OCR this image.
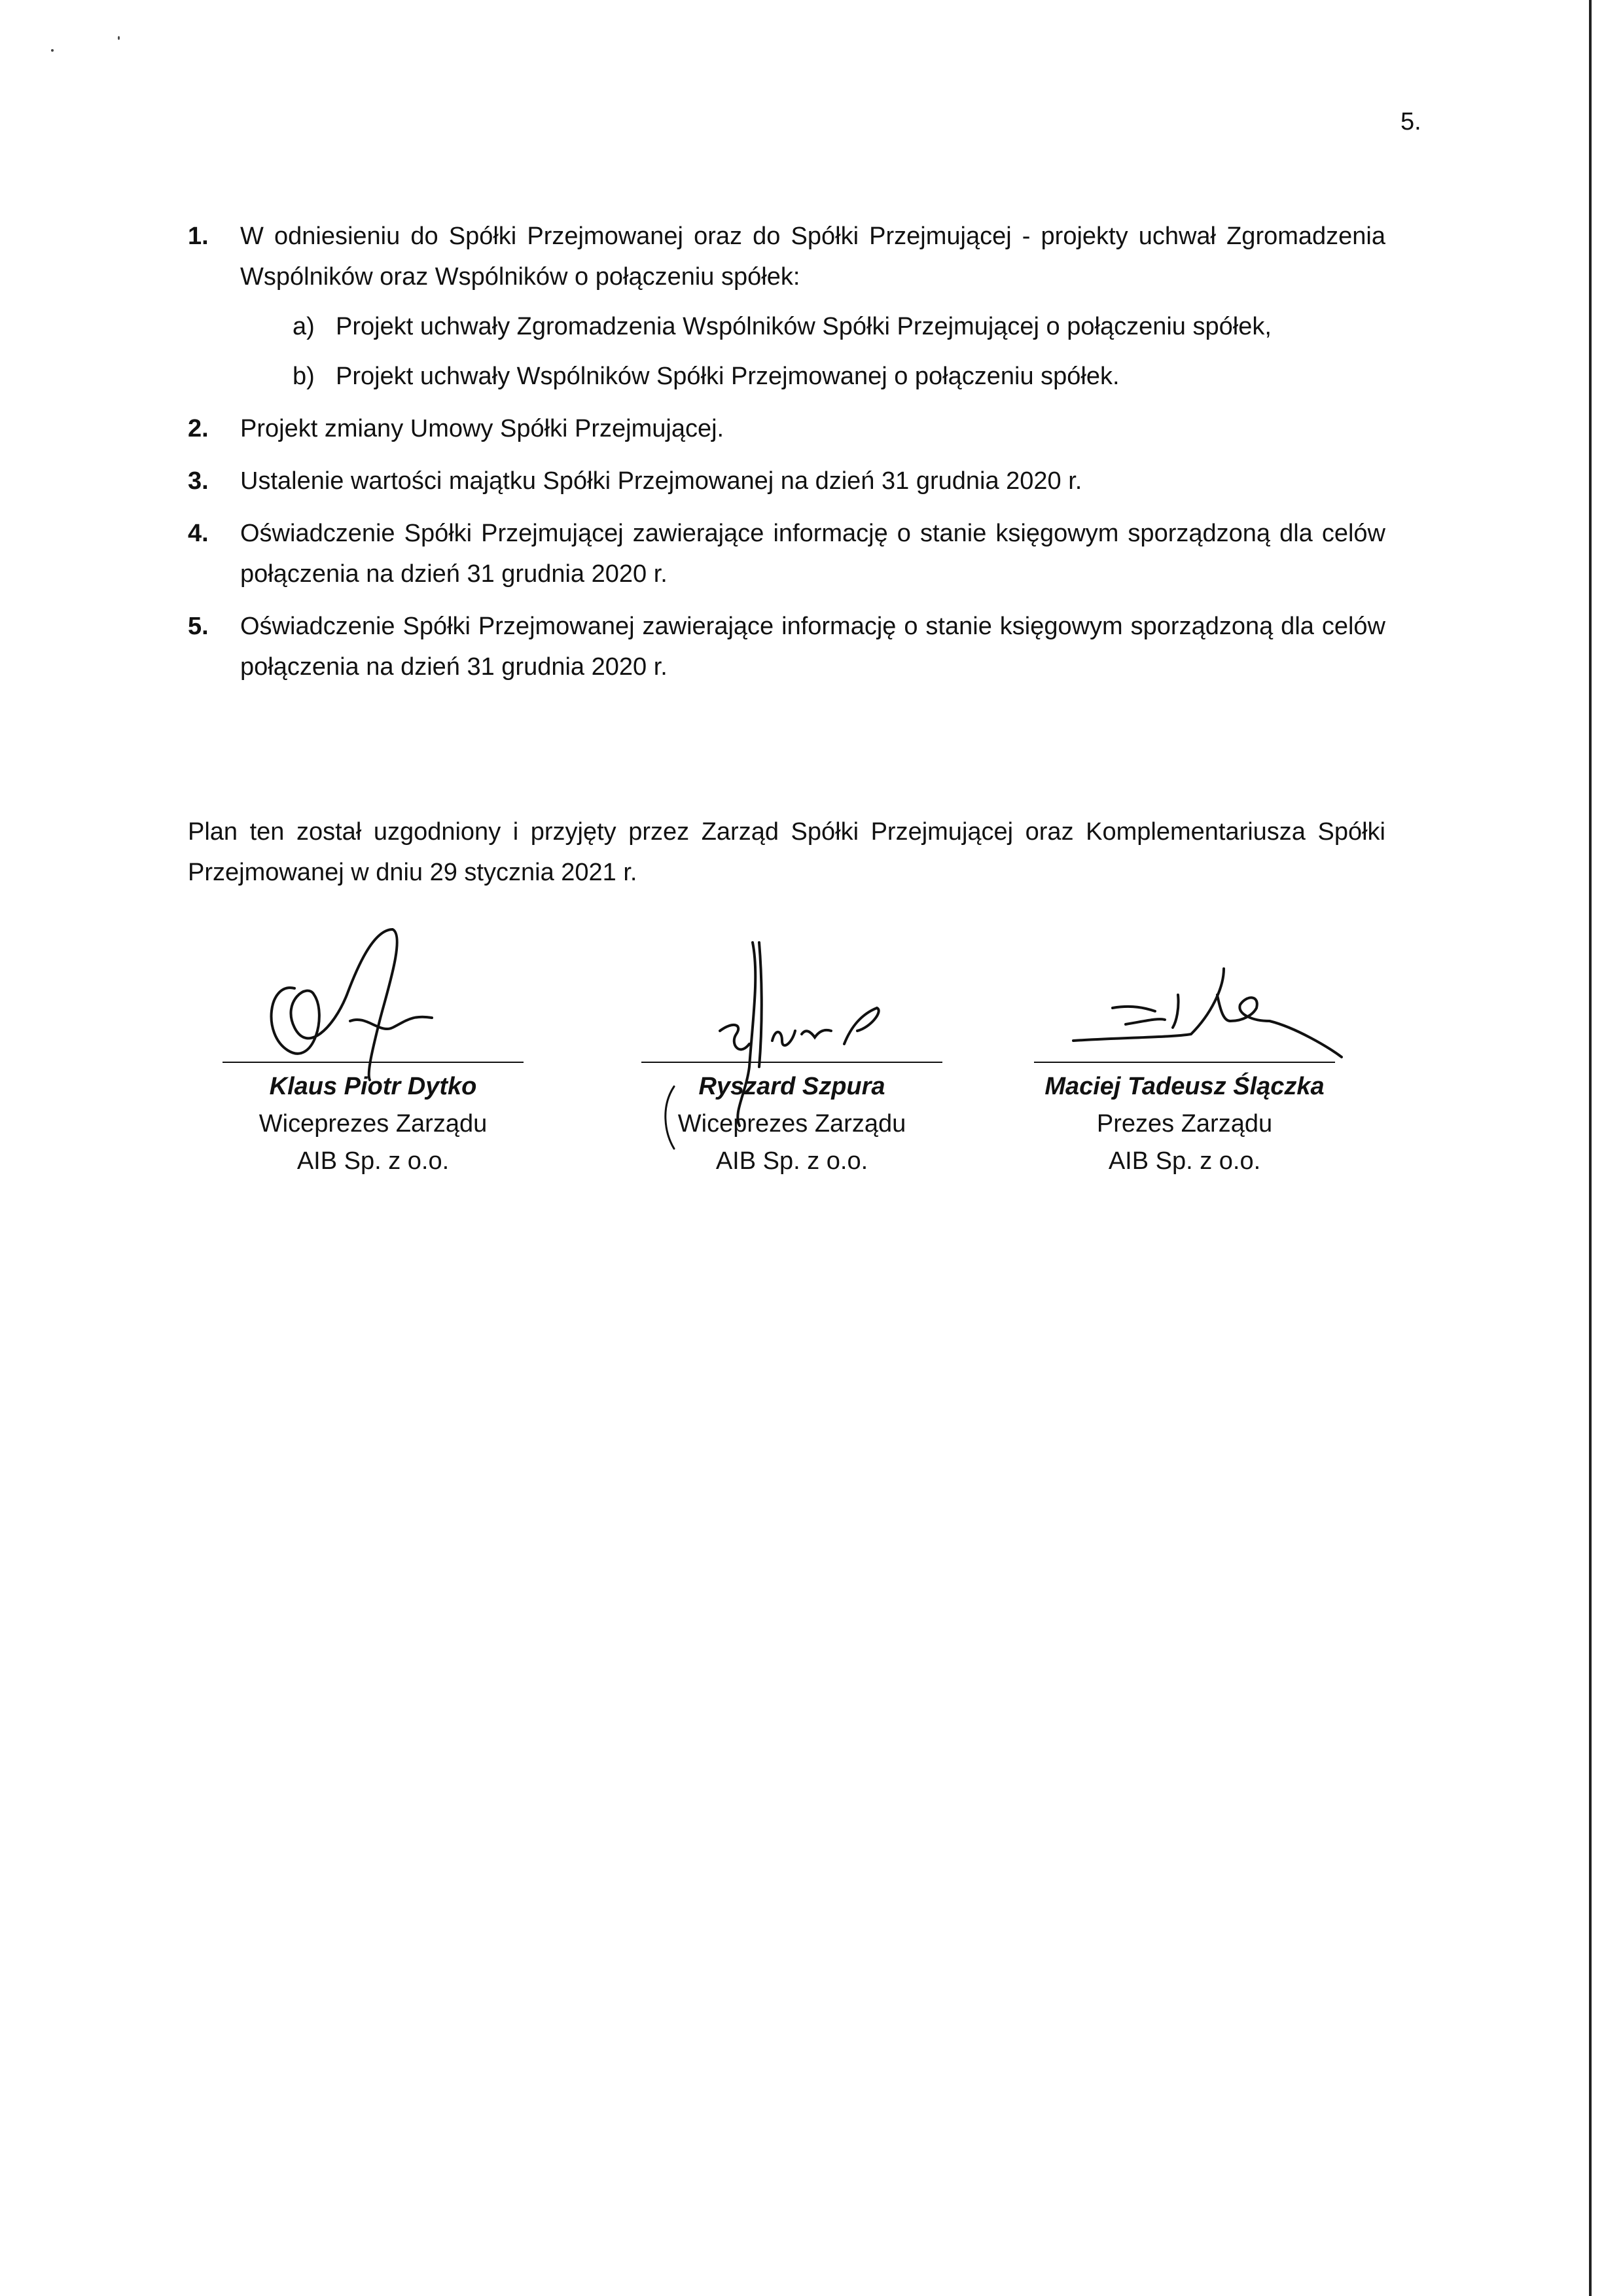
5.
1. W odniesieniu do Spółki Przejmowanej oraz do Spółki Przejmującej - projekty uchwał Zgromadzenia Wspólników oraz Wspólników o połączeniu spółek:
a) Projekt uchwały Zgromadzenia Wspólników Spółki Przejmującej o połączeniu spółek,
b) Projekt uchwały Wspólników Spółki Przejmowanej o połączeniu spółek.
2. Projekt zmiany Umowy Spółki Przejmującej.
3. Ustalenie wartości majątku Spółki Przejmowanej na dzień 31 grudnia 2020 r.
4. Oświadczenie Spółki Przejmującej zawierające informację o stanie księgowym sporządzoną dla celów połączenia na dzień 31 grudnia 2020 r.
5. Oświadczenie Spółki Przejmowanej zawierające informację o stanie księgowym sporządzoną dla celów połączenia na dzień 31 grudnia 2020 r.
Plan ten został uzgodniony i przyjęty przez Zarząd Spółki Przejmującej oraz Komplementariusza Spółki Przejmowanej w dniu 29 stycznia 2021 r.
Klaus Piotr Dytko
Wiceprezes Zarządu
AIB Sp. z o.o.
Ryszard Szpura
Wiceprezes Zarządu
AIB Sp. z o.o.
Maciej Tadeusz Ślączka
Prezes Zarządu
AIB Sp. z o.o.
